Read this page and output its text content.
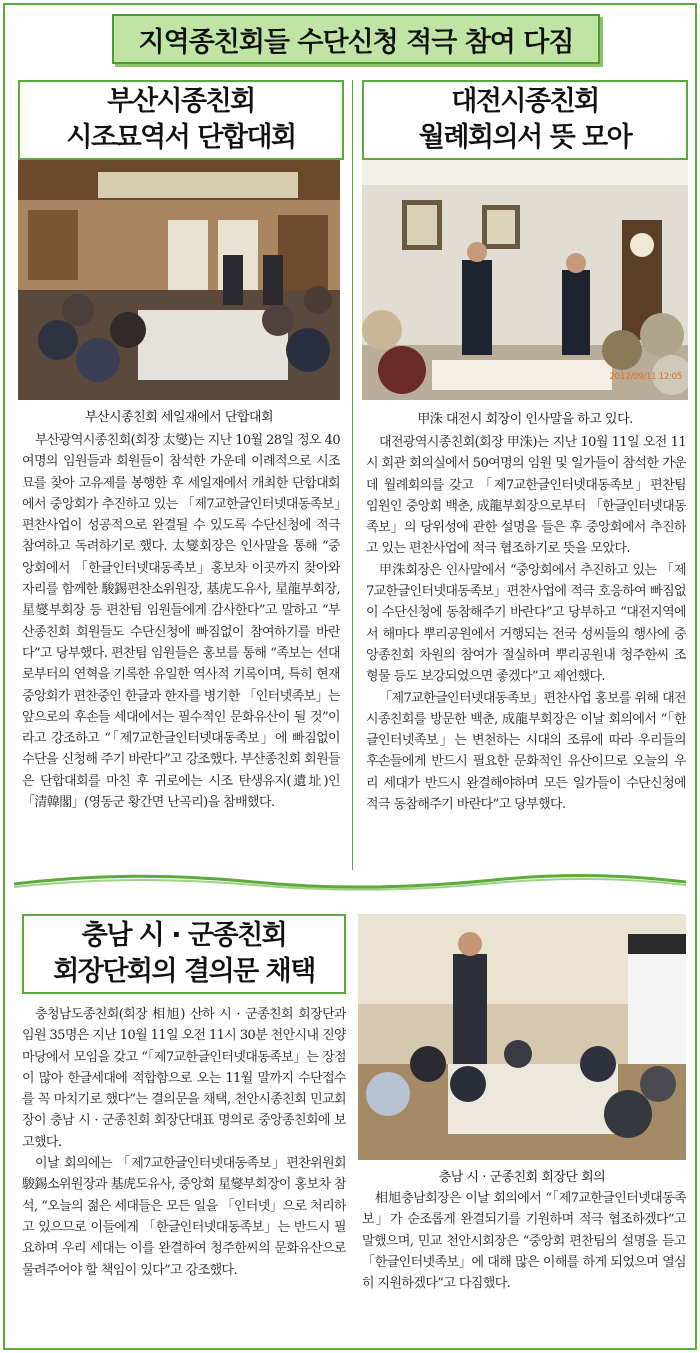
지역종친회들 수단신청 적극 참여 다짐
부산시종친회
시조묘역서 단합대회
부산시종친회 세일재에서 단합대회

부산광역시종친회(회장 太燮)는 지난 10월 28일 정오 40여명의 임원들과 회원들이 참석한 가운데 이례적으로 시조묘를 찾아 고유제를 봉행한 후 세일재에서 개최한 단합대회에서 중앙회가 추진하고 있는 「제7교한글인터넷대동족보」편찬사업이 성공적으로 완결될 수 있도록 수단신청에 적극 참여하고 독려하기로 했다. 太燮회장은 인사말을 통해 “중앙회에서 「한글인터넷대동족보」홍보차 이곳까지 찾아와 자리를 함께한 駿錫편찬소위원장, 基虎도유사, 星龍부회장, 星燮부회장 등 편찬팀 임원들에게 감사한다”고 말하고 “부산종친회 회원들도 수단신청에 빠짐없이 참여하기를 바란다”고 당부했다. 편찬팀 임원들은 홍보를 통해 “족보는 선대로부터의 연혁을 기록한 유일한 역사적 기록이며, 특히 현재 중앙회가 편찬중인 한글과 한자를 병기한 「인터넷족보」는 앞으로의 후손들 세대에서는 필수적인 문화유산이 될 것”이라고 강조하고 “「제7교한글인터넷대동족보」에 빠짐없이 수단을 신청해 주기 바란다”고 강조했다. 부산종친회 회원들은 단합대회를 마친 후 귀로에는 시조 탄생유지(遺址)인 「清韓閣」(영동군 황간면 난곡리)을 참배했다.

대전시종친회
월례회의서 뜻 모아
2012/09/11 12:05
甲洙 대전시 회장이 인사말을 하고 있다.

대전광역시종친회(회장 甲洙)는 지난 10월 11일 오전 11시 회관 회의실에서 50여명의 임원 및 일가들이 참석한 가운데 월례회의를 갖고 「제7교한글인터넷대동족보」편찬팀 임원인 중앙회 백춘, 成龍부회장으로부터 「한글인터넷대동족보」의 당위성에 관한 설명을 들은 후 중앙회에서 추진하고 있는 편찬사업에 적극 협조하기로 뜻을 모았다.

甲洙회장은 인사말에서 “중앙회에서 추진하고 있는 「제7교한글인터넷대동족보」편찬사업에 적극 호응하여 빠짐없이 수단신청에 동참해주기 바란다”고 당부하고 “대전지역에서 해마다 뿌리공원에서 거행되는 전국 성씨들의 행사에 중앙종친회 차원의 참여가 절실하며 뿌리공원내 청주한씨 조형물 등도 보강되었으면 좋겠다”고 제언했다.

「제7교한글인터넷대동족보」편찬사업 홍보를 위해 대전시종친회를 방문한 백춘, 成龍부회장은 이날 회의에서 “「한글인터넷족보」는 변천하는 시대의 조류에 따라 우리들의 후손들에게 반드시 필요한 문화적인 유산이므로 오늘의 우리 세대가 반드시 완결해야하며 모든 일가들이 수단신청에 적극 동참해주기 바란다”고 당부했다.

충남 시 · 군종친회
회장단회의 결의문 채택

충청남도종친회(회장 相旭) 산하 시 · 군종친회 회장단과 임원 35명은 지난 10월 11일 오전 11시 30분 천안시내 진양마당에서 모임을 갖고 “「제7교한글인터넷대동족보」는 장점이 많아 한글세대에 적합함으로 오는 11월 말까지 수단접수를 꼭 마치기로 했다”는 결의문을 채택, 천안시종친회 민교회장이 충남 시 · 군종친회 회장단대표 명의로 중앙종친회에 보고했다.

이날 회의에는 「제7교한글인터넷대동족보」편찬위원회 駿錫소위원장과 基虎도유사, 중앙회 星燮부회장이 홍보차 참석, “오늘의 젊은 세대들은 모든 일을 「인터넷」으로 처리하고 있으므로 이들에게 「한글인터넷대동족보」는 반드시 필요하며 우리 세대는 이를 완결하여 청주한씨의 문화유산으로 물려주어야 할 책임이 있다”고 강조했다.

충남 시 · 군종친회 회장단 회의

相旭충남회장은 이날 회의에서 “「제7교한글인터넷대동족보」가 순조롭게 완결되기를 기원하며 적극 협조하겠다”고 말했으며, 민교 천안시회장은 “중앙회 편찬팀의 설명을 듣고 「한글인터넷족보」에 대해 많은 이해를 하게 되었으며 열심히 지원하겠다”고 다짐했다.
